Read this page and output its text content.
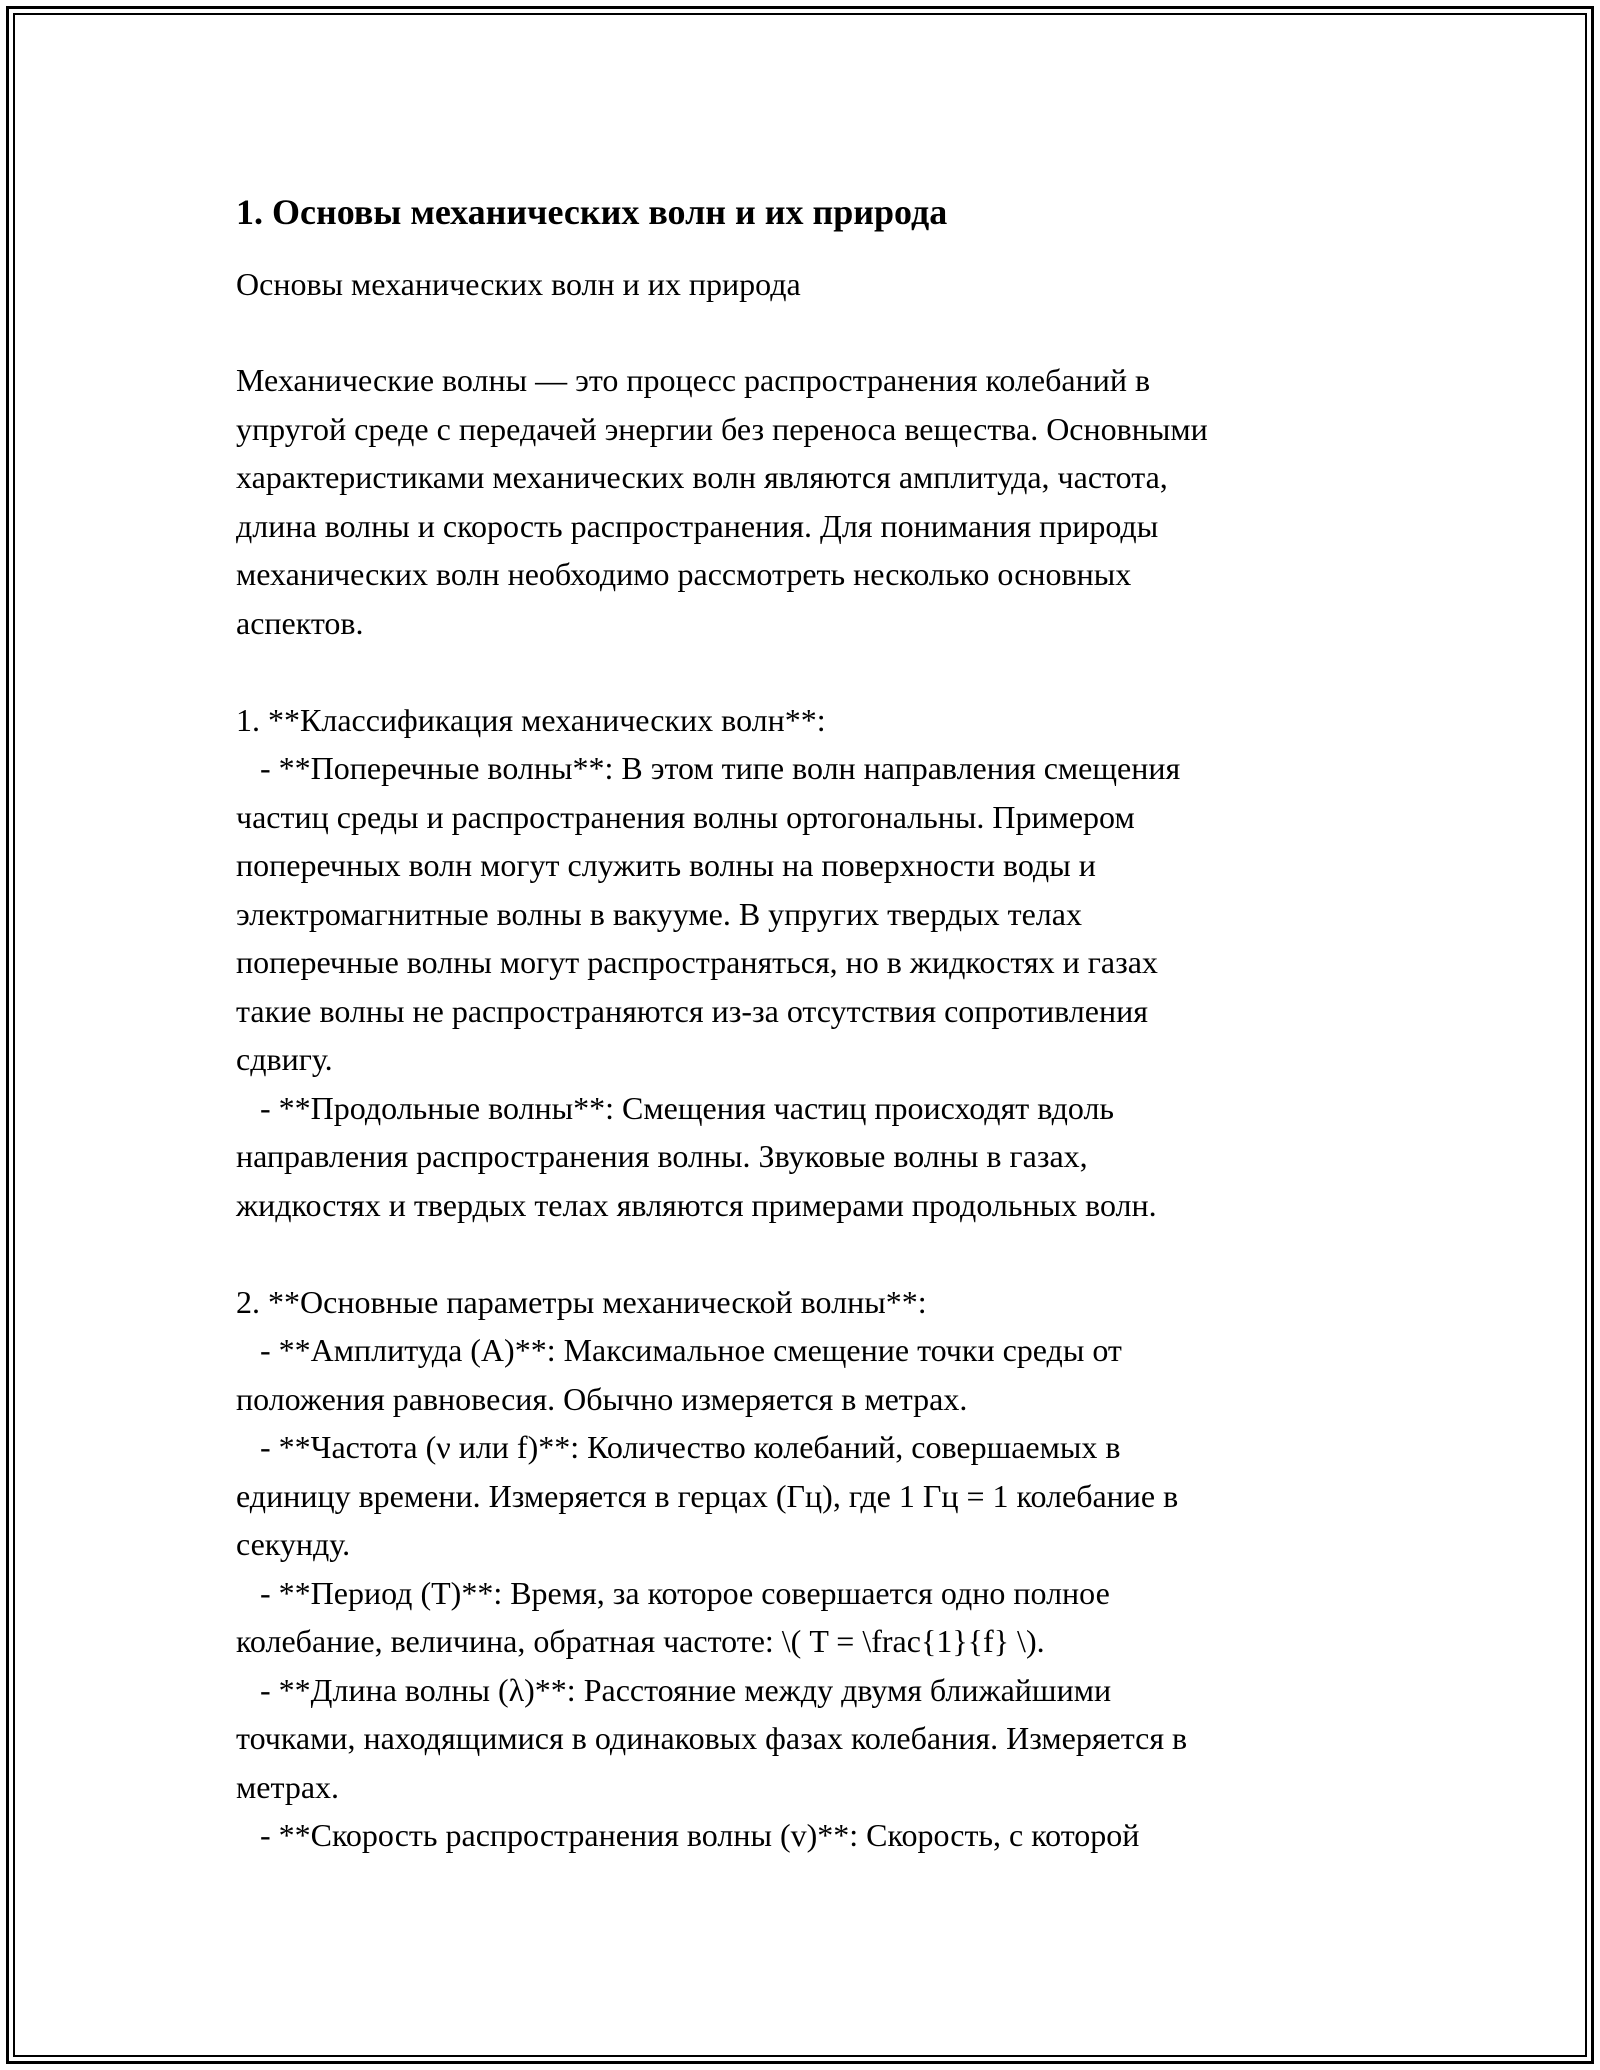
1. Основы механических волн и их природа
Основы механических волн и их природа
Механические волны — это процесс распространения колебаний в
упругой среде с передачей энергии без переноса вещества. Основными
характеристиками механических волн являются амплитуда, частота,
длина волны и скорость распространения. Для понимания природы
механических волн необходимо рассмотреть несколько основных
аспектов.
1. **Классификация механических волн**:
- **Поперечные волны**: В этом типе волн направления смещения
частиц среды и распространения волны ортогональны. Примером
поперечных волн могут служить волны на поверхности воды и
электромагнитные волны в вакууме. В упругих твердых телах
поперечные волны могут распространяться, но в жидкостях и газах
такие волны не распространяются из-за отсутствия сопротивления
сдвигу.
- **Продольные волны**: Смещения частиц происходят вдоль
направления распространения волны. Звуковые волны в газах,
жидкостях и твердых телах являются примерами продольных волн.
2. **Основные параметры механической волны**:
- **Амплитуда (A)**: Максимальное смещение точки среды от
положения равновесия. Обычно измеряется в метрах.
- **Частота (ν или f)**: Количество колебаний, совершаемых в
единицу времени. Измеряется в герцах (Гц), где 1 Гц = 1 колебание в
секунду.
- **Период (T)**: Время, за которое совершается одно полное
колебание, величина, обратная частоте: \( T = \frac{1}{f} \).
- **Длина волны (λ)**: Расстояние между двумя ближайшими
точками, находящимися в одинаковых фазах колебания. Измеряется в
метрах.
- **Скорость распространения волны (v)**: Скорость, с которой
